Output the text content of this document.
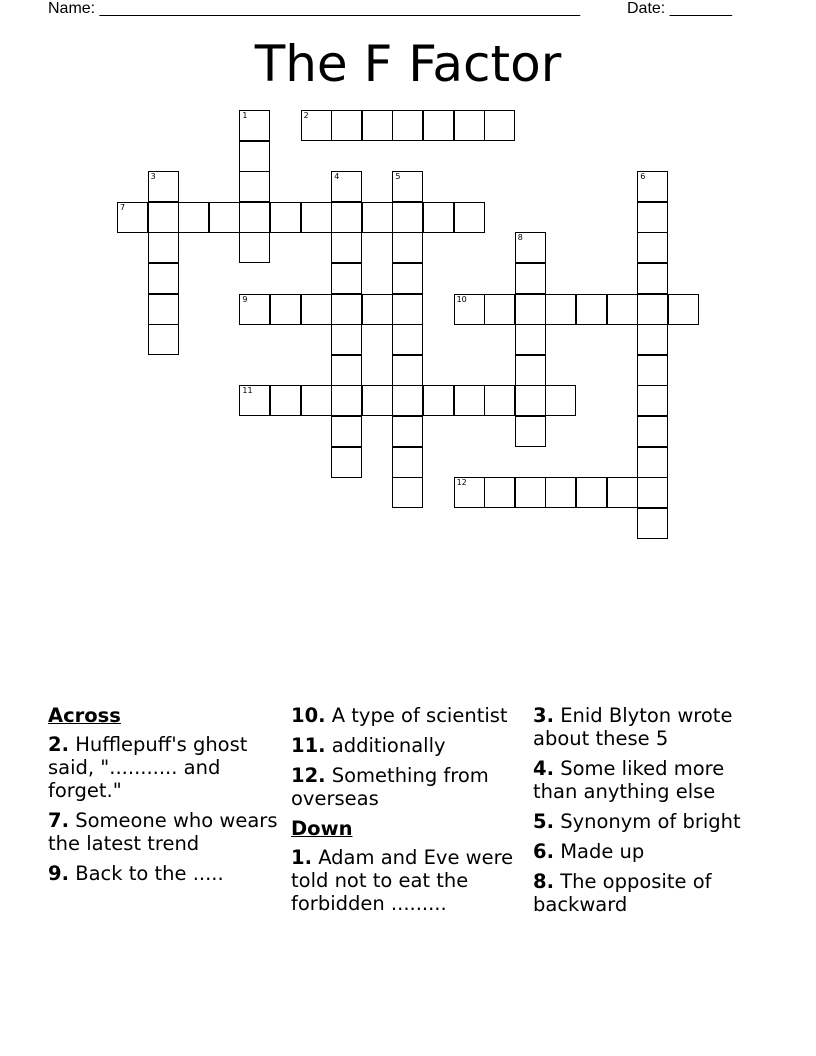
Name: ______________________________________________________	Date: _______
The F Factor
1	2
3	4	5	6
7
8
9	10
11
12
Across
2. Hufflepuff's ghost said, "........... and forget."
7. Someone who wears the latest trend
9. Back to the .....
10. A type of scientist
11. additionally
12. Something from overseas
Down
1. Adam and Eve were told not to eat the forbidden .........
3. Enid Blyton wrote about these 5
4. Some liked more than anything else
5. Synonym of bright
6. Made up
8. The opposite of backward
